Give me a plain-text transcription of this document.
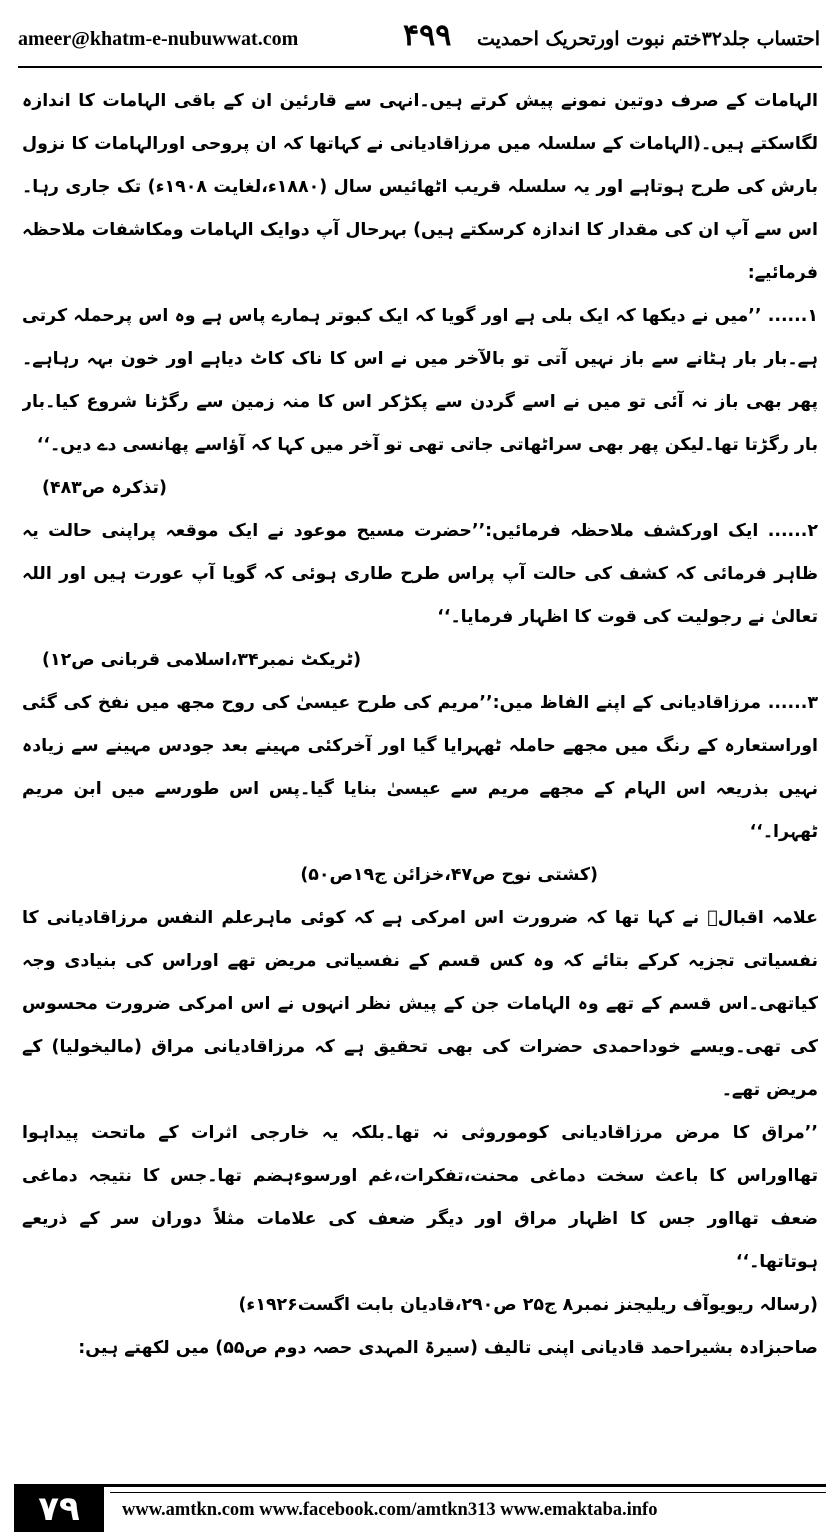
ameer@khatm-e-nubuwwat.com	۴۹۹ احتساب جلد۳۲ختم نبوت اورتحریک احمدیت

الہامات کے صرف دوتین نمونے پیش کرتے ہیں۔انہی سے قارئین ان کے باقی الہامات کا اندازہ لگاسکتے ہیں۔(الہامات کے سلسلہ میں مرزاقادیانی نے کہاتھا کہ ان پروحی اورالہامات کا نزول بارش کی طرح ہوتاہے اور یہ سلسلہ قریب اٹھائیس سال (۱۸۸۰ء،لغایت ۱۹۰۸ء) تک جاری رہا۔اس سے آپ ان کی مقدار کا اندازہ کرسکتے ہیں) بہرحال آپ دوایک الہامات ومکاشفات ملاحظہ فرمائیے:

۱...... ’’میں نے دیکھا کہ ایک بلی ہے اور گویا کہ ایک کبوتر ہمارے پاس ہے وہ اس پرحملہ کرتی ہے۔بار بار ہٹانے سے باز نہیں آتی تو بالآخر میں نے اس کا ناک کاٹ دیاہے اور خون بہہ رہاہے۔پھر بھی باز نہ آئی تو میں نے اسے گردن سے پکڑکر اس کا منہ زمین سے رگڑنا شروع کیا۔بار بار رگڑتا تھا۔لیکن پھر بھی سراٹھاتی جاتی تھی تو آخر میں کہا کہ آؤاسے پھانسی دے دیں۔‘‘

(تذکرہ ص۴۸۳)

۲...... ایک اورکشف ملاحظہ فرمائیں:’’حضرت مسیح موعود نے ایک موقعہ پراپنی حالت یہ ظاہر فرمائی کہ کشف کی حالت آپ پراس طرح طاری ہوئی کہ گویا آپ عورت ہیں اور اللہ تعالیٰ نے رجولیت کی قوت کا اظہار فرمایا۔‘‘

(ٹریکٹ نمبر۳۴،اسلامی قربانی ص۱۲)

۳...... مرزاقادیانی کے اپنے الفاظ میں:’’مریم کی طرح عیسیٰ کی روح مجھ میں نفخ کی گئی اوراستعارہ کے رنگ میں مجھے حاملہ ٹھہرایا گیا اور آخرکئی مہینے بعد جودس مہینے سے زیادہ نہیں بذریعہ اس الہام کے مجھے مریم سے عیسیٰ بنایا گیا۔پس اس طورسے میں ابن مریم ٹھہرا۔‘‘

(کشتی نوح ص۴۷،خزائن ج۱۹ص۵۰)

علامہ اقبالؒ نے کہا تھا کہ ضرورت اس امرکی ہے کہ کوئی ماہرعلم النفس مرزاقادیانی کا نفسیاتی تجزیہ کرکے بتائے کہ وہ کس قسم کے نفسیاتی مریض تھے اوراس کی بنیادی وجہ کیاتھی۔اس قسم کے تھے وہ الہامات جن کے پیش نظر انہوں نے اس امرکی ضرورت محسوس کی تھی۔ویسے خوداحمدی حضرات کی بھی تحقیق ہے کہ مرزاقادیانی مراق (مالیخولیا) کے مریض تھے۔

’’مراق کا مرض مرزاقادیانی کوموروثی نہ تھا۔بلکہ یہ خارجی اثرات کے ماتحت پیداہوا تھااوراس کا باعث سخت دماغی محنت،تفکرات،غم اورسوءہضم تھا۔جس کا نتیجہ دماغی ضعف تھااور جس کا اظہار مراق اور دیگر ضعف کی علامات مثلاً دوران سر کے ذریعے ہوتاتھا۔‘‘

(رسالہ ریویوآف ریلیجنز نمبر۸ ج۲۵ ص۲۹۰،قادیان بابت اگست۱۹۲۶ء)

صاحبزادہ بشیراحمد قادیانی اپنی تالیف (سیرۃ المہدی حصہ دوم ص۵۵) میں لکھتے ہیں:

۷۹	www.amtkn.com www.facebook.com/amtkn313 www.emaktaba.info
